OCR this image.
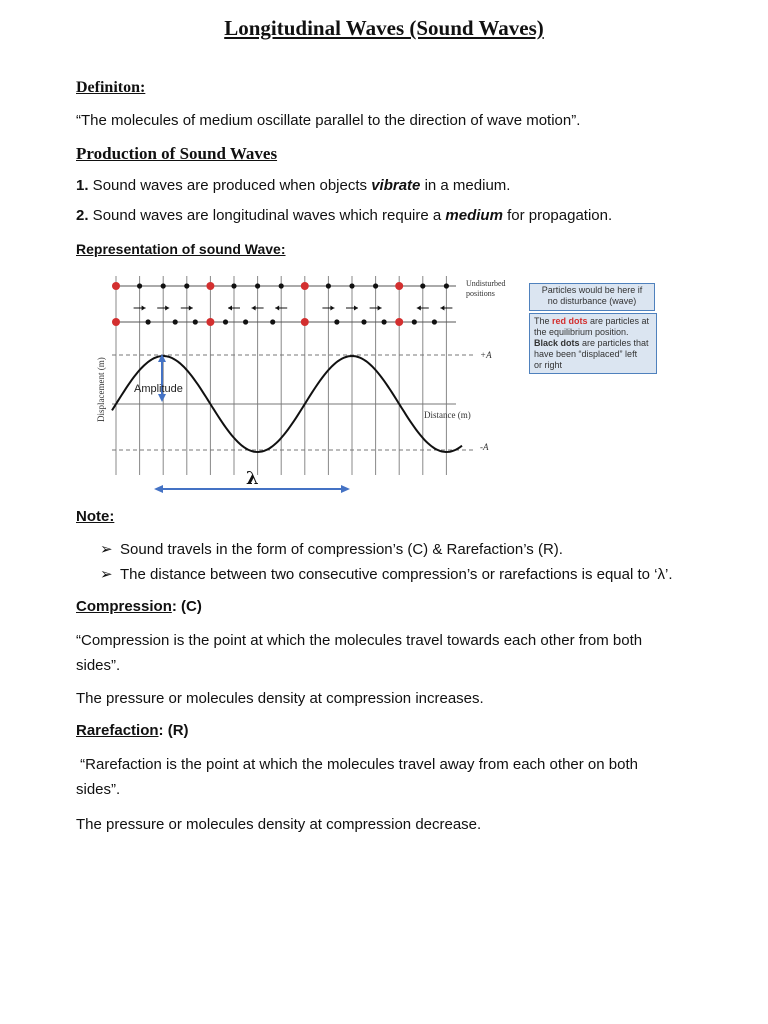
Longitudinal Waves (Sound Waves)
Definiton:
“The molecules of medium oscillate parallel to the direction of wave motion”.
Production of Sound Waves
1. Sound waves are produced when objects vibrate in a medium.
2. Sound waves are longitudinal waves which require a medium for propagation.
Representation of sound Wave:
Amplitude
Undisturbed
positions
+A
-A
Distance (m)
Displacement (m)
λ
Particles would be here if
no disturbance (wave)
The red dots are particles at
the equilibrium position.
Black dots are particles that
have been “displaced” left
or right
Note:
➢ Sound travels in the form of compression’s (C) & Rarefaction’s (R).
➢ The distance between two consecutive compression’s or rarefactions is equal to ‘λ’.
Compression: (C)
“Compression is the point at which the molecules travel towards each other from both
sides”.
The pressure or molecules density at compression increases.
Rarefaction: (R)
“Rarefaction is the point at which the molecules travel away from each other on both
sides”.
The pressure or molecules density at compression decrease.
